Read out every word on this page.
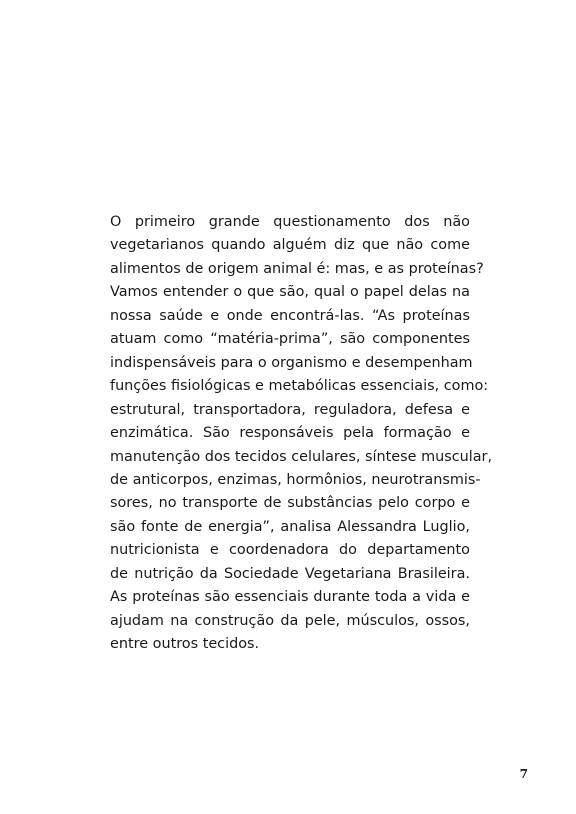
O primeiro grande questionamento dos não
vegetarianos quando alguém diz que não come
alimentos de origem animal é: mas, e as proteínas?
Vamos entender o que são, qual o papel delas na
nossa saúde e onde encontrá-las. “As proteínas
atuam como “matéria-prima”, são componentes
indispensáveis para o organismo e desempenham
funções fisiológicas e metabólicas essenciais, como:
estrutural, transportadora, reguladora, defesa e
enzimática. São responsáveis pela formação e
manutenção dos tecidos celulares, síntese muscular,
de anticorpos, enzimas, hormônios, neurotransmis-
sores, no transporte de substâncias pelo corpo e
são fonte de energia”, analisa Alessandra Luglio,
nutricionista e coordenadora do departamento
de nutrição da Sociedade Vegetariana Brasileira.
As proteínas são essenciais durante toda a vida e
ajudam na construção da pele, músculos, ossos,
entre outros tecidos.
7
